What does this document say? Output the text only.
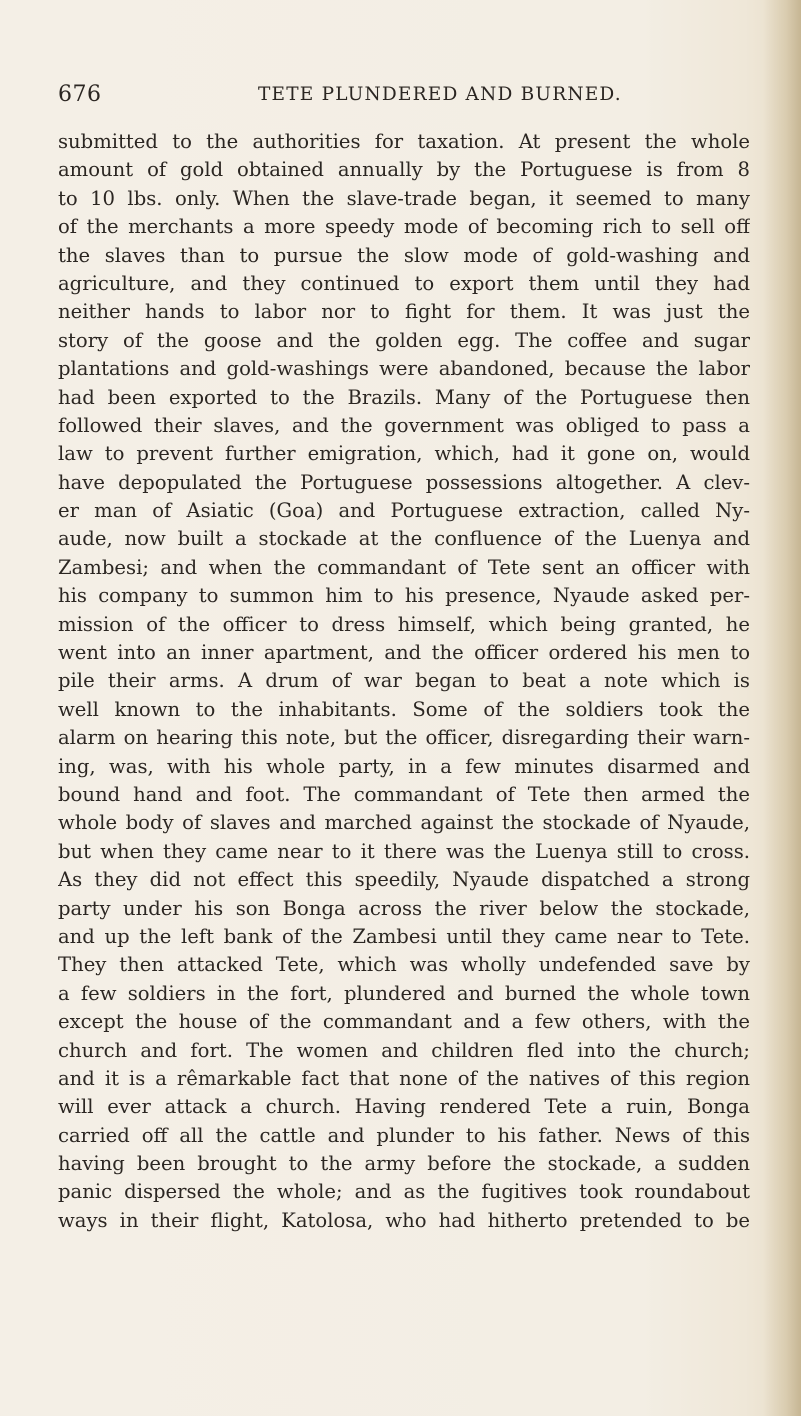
676	TETE PLUNDERED AND BURNED.
submitted to the authorities for taxation. At present the whole
amount of gold obtained annually by the Portuguese is from 8
to 10 lbs. only. When the slave-trade began, it seemed to many
of the merchants a more speedy mode of becoming rich to sell off
the slaves than to pursue the slow mode of gold-washing and
agriculture, and they continued to export them until they had
neither hands to labor nor to fight for them. It was just the
story of the goose and the golden egg. The coffee and sugar
plantations and gold-washings were abandoned, because the labor
had been exported to the Brazils. Many of the Portuguese then
followed their slaves, and the government was obliged to pass a
law to prevent further emigration, which, had it gone on, would
have depopulated the Portuguese possessions altogether. A clev-
er man of Asiatic (Goa) and Portuguese extraction, called Ny-
aude, now built a stockade at the confluence of the Luenya and
Zambesi; and when the commandant of Tete sent an officer with
his company to summon him to his presence, Nyaude asked per-
mission of the officer to dress himself, which being granted, he
went into an inner apartment, and the officer ordered his men to
pile their arms. A drum of war began to beat a note which is
well known to the inhabitants. Some of the soldiers took the
alarm on hearing this note, but the officer, disregarding their warn-
ing, was, with his whole party, in a few minutes disarmed and
bound hand and foot. The commandant of Tete then armed the
whole body of slaves and marched against the stockade of Nyaude,
but when they came near to it there was the Luenya still to cross.
As they did not effect this speedily, Nyaude dispatched a strong
party under his son Bonga across the river below the stockade,
and up the left bank of the Zambesi until they came near to Tete.
They then attacked Tete, which was wholly undefended save by
a few soldiers in the fort, plundered and burned the whole town
except the house of the commandant and a few others, with the
church and fort. The women and children fled into the church;
and it is a rêmarkable fact that none of the natives of this region
will ever attack a church. Having rendered Tete a ruin, Bonga
carried off all the cattle and plunder to his father. News of this
having been brought to the army before the stockade, a sudden
panic dispersed the whole; and as the fugitives took roundabout
ways in their flight, Katolosa, who had hitherto pretended to be
